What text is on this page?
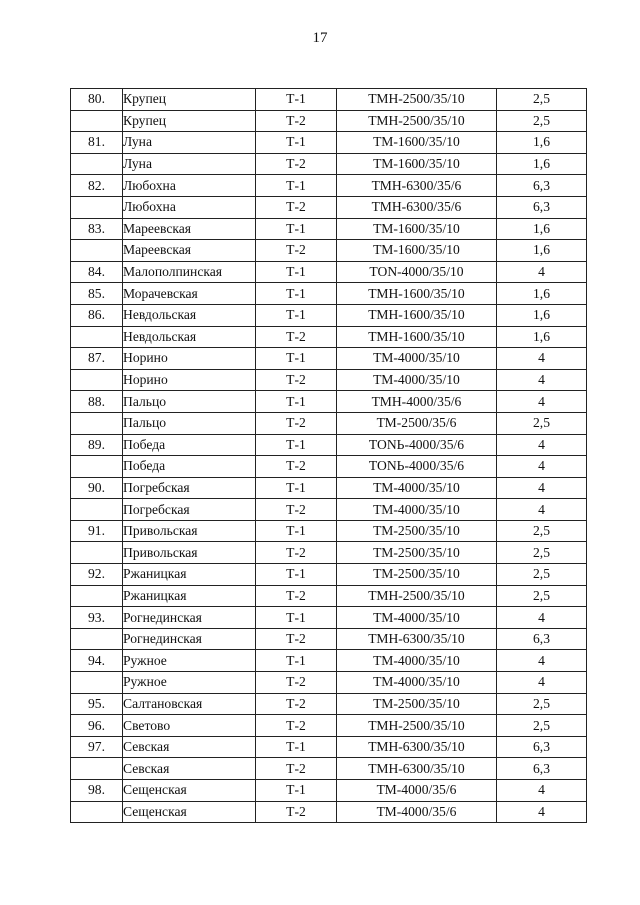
17
80.	Крупец	Т-1	ТМН-2500/35/10	2,5
	Крупец	Т-2	ТМН-2500/35/10	2,5
81.	Луна	Т-1	ТМ-1600/35/10	1,6
	Луна	Т-2	ТМ-1600/35/10	1,6
82.	Любохна	Т-1	ТМН-6300/35/6	6,3
	Любохна	Т-2	ТМН-6300/35/6	6,3
83.	Мареевская	Т-1	ТМ-1600/35/10	1,6
	Мареевская	Т-2	ТМ-1600/35/10	1,6
84.	Малополпинская	Т-1	ТОN-4000/35/10	4
85.	Морачевская	Т-1	ТМН-1600/35/10	1,6
86.	Невдольская	Т-1	ТМН-1600/35/10	1,6
	Невдольская	Т-2	ТМН-1600/35/10	1,6
87.	Норино	Т-1	ТМ-4000/35/10	4
	Норино	Т-2	ТМ-4000/35/10	4
88.	Пальцо	Т-1	ТМН-4000/35/6	4
	Пальцо	Т-2	ТМ-2500/35/6	2,5
89.	Победа	Т-1	ТОNЬ-4000/35/6	4
	Победа	Т-2	ТОNЬ-4000/35/6	4
90.	Погребская	Т-1	ТМ-4000/35/10	4
	Погребская	Т-2	ТМ-4000/35/10	4
91.	Привольская	Т-1	ТМ-2500/35/10	2,5
	Привольская	Т-2	ТМ-2500/35/10	2,5
92.	Ржаницкая	Т-1	ТМ-2500/35/10	2,5
	Ржаницкая	Т-2	ТМН-2500/35/10	2,5
93.	Рогнединская	Т-1	ТМ-4000/35/10	4
	Рогнединская	Т-2	ТМН-6300/35/10	6,3
94.	Ружное	Т-1	ТМ-4000/35/10	4
	Ружное	Т-2	ТМ-4000/35/10	4
95.	Салтановская	Т-2	ТМ-2500/35/10	2,5
96.	Светово	Т-2	ТМН-2500/35/10	2,5
97.	Севская	Т-1	ТМН-6300/35/10	6,3
	Севская	Т-2	ТМН-6300/35/10	6,3
98.	Сещенская	Т-1	ТМ-4000/35/6	4
	Сещенская	Т-2	ТМ-4000/35/6	4
